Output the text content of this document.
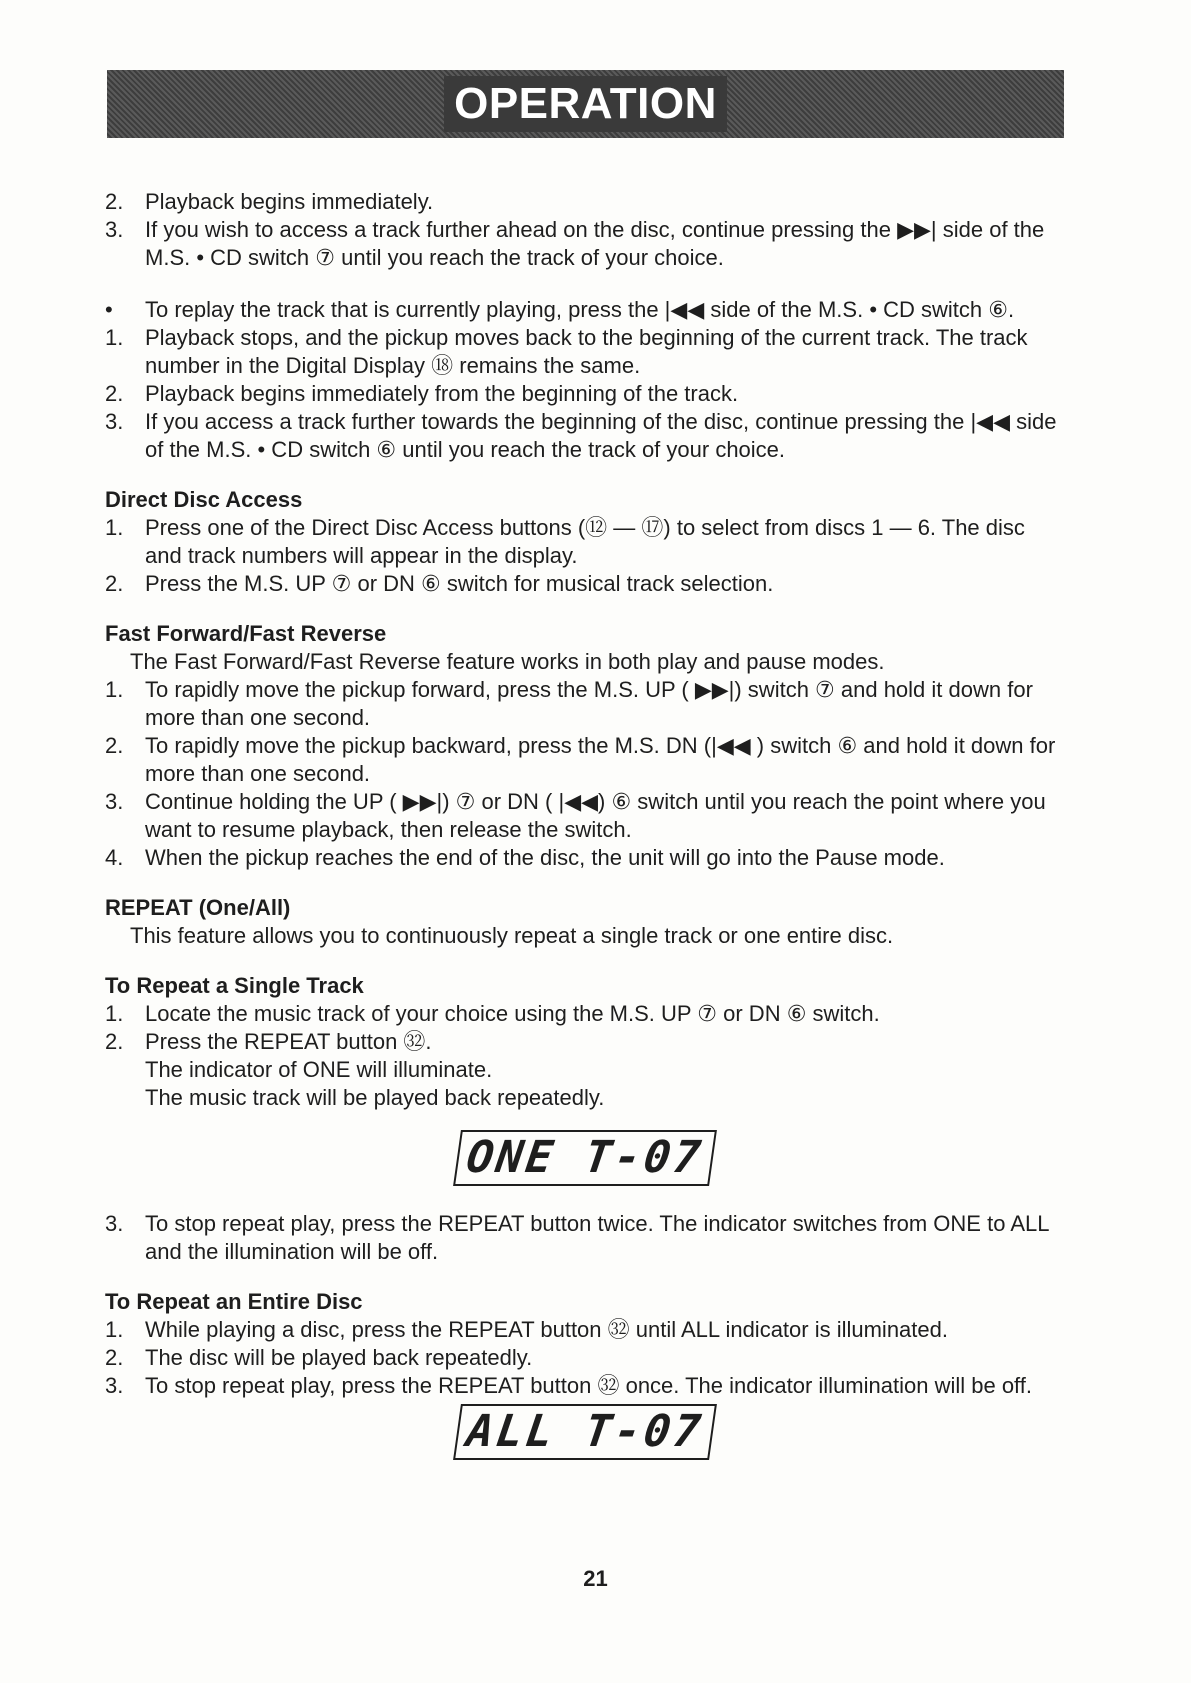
OPERATION
2. Playback begins immediately.
3. If you wish to access a track further ahead on the disc, continue pressing the ▶▶| side of the M.S. • CD switch ⑦ until you reach the track of your choice.
•	To replay the track that is currently playing, press the |◀◀ side of the M.S. • CD switch ⑥.
1. Playback stops, and the pickup moves back to the beginning of the current track. The track number in the Digital Display ⑱ remains the same.
2. Playback begins immediately from the beginning of the track.
3. If you access a track further towards the beginning of the disc, continue pressing the |◀◀ side of the M.S. • CD switch ⑥ until you reach the track of your choice.
Direct Disc Access
1. Press one of the Direct Disc Access buttons (⑫ — ⑰) to select from discs 1 — 6. The disc and track numbers will appear in the display.
2. Press the M.S. UP ⑦ or DN ⑥ switch for musical track selection.
Fast Forward/Fast Reverse
The Fast Forward/Fast Reverse feature works in both play and pause modes.
1. To rapidly move the pickup forward, press the M.S. UP ( ▶▶|) switch ⑦ and hold it down for more than one second.
2. To rapidly move the pickup backward, press the M.S. DN (|◀◀ ) switch ⑥ and hold it down for more than one second.
3. Continue holding the UP ( ▶▶|) ⑦ or DN ( |◀◀) ⑥ switch until you reach the point where you want to resume playback, then release the switch.
4. When the pickup reaches the end of the disc, the unit will go into the Pause mode.
REPEAT (One/All)
This feature allows you to continuously repeat a single track or one entire disc.
To Repeat a Single Track
1. Locate the music track of your choice using the M.S. UP ⑦ or DN ⑥ switch.
2. Press the REPEAT button ㉜.
The indicator of ONE will illuminate.
The music track will be played back repeatedly.
ONE T-07
3. To stop repeat play, press the REPEAT button twice. The indicator switches from ONE to ALL and the illumination will be off.
To Repeat an Entire Disc
1. While playing a disc, press the REPEAT button ㉜ until ALL indicator is illuminated.
2. The disc will be played back repeatedly.
3. To stop repeat play, press the REPEAT button ㉜ once. The indicator illumination will be off.
ALL T-07
21
